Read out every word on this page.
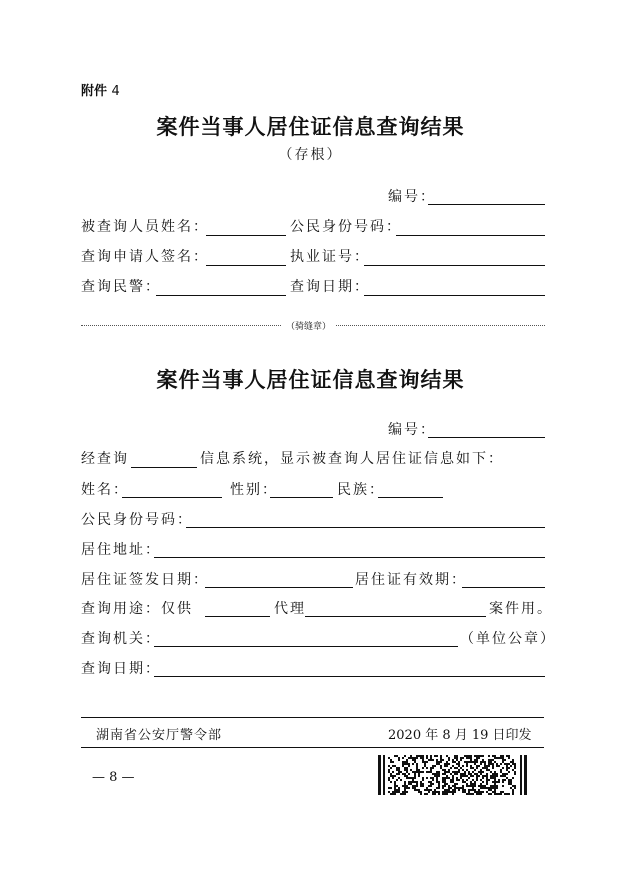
附件 4
案件当事人居住证信息查询结果
（存根）
编号：
被查询人员姓名：	公民身份号码：
查询申请人签名：	执业证号：
查询民警：	查询日期：
（骑缝章）
案件当事人居住证信息查询结果
编号：
经查询	信息系统，显示被查询人居住证信息如下：
姓名：	性别：	民族：
公民身份号码：
居住地址：
居住证签发日期：	居住证有效期：
查询用途：仅供	代理	案件用。
查询机关：	（单位公章）
查询日期：
湖南省公安厅警令部	2020 年 8 月 19 日印发
— 8 —
